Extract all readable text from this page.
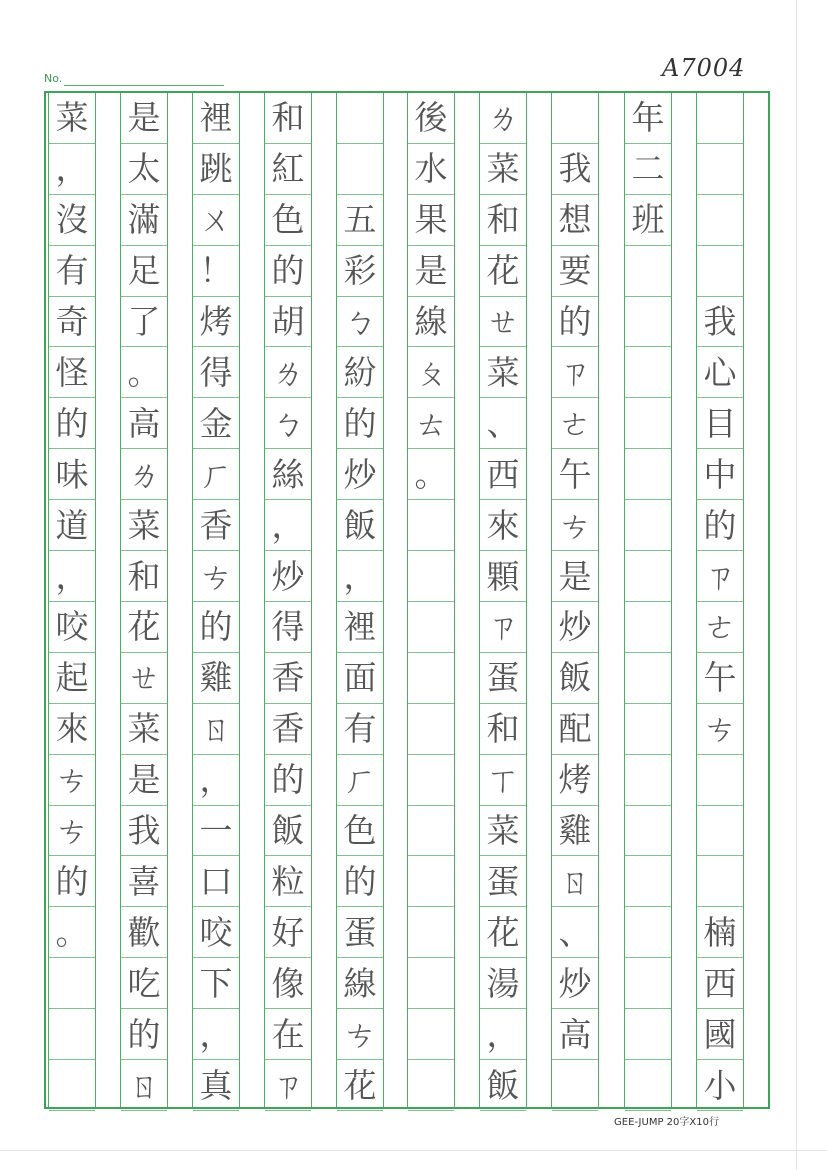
A7004
No.
我
心
目
中
的
ㄗ
ㄜ
午
ㄘ
楠
西
國
小
年
二
班
我
想
要
的
ㄗ
ㄜ
午
ㄘ
是
炒
飯
配
烤
雞
ㄖ
、
炒
高
ㄌ
菜
和
花
ㄝ
菜
、
西
來
顆
ㄗ
蛋
和
ㄒ
菜
蛋
花
湯
，
飯
後
水
果
是
線
ㄆ
ㄊ
。
五
彩
ㄅ
紛
的
炒
飯
，
裡
面
有
ㄏ
色
的
蛋
線
ㄘ
花
和
紅
色
的
胡
ㄌ
ㄅ
絲
，
炒
得
香
香
的
飯
粒
好
像
在
ㄗ
裡
跳
ㄨ
！
烤
得
金
ㄏ
香
ㄘ
的
雞
ㄖ
，
一
口
咬
下
，
真
是
太
滿
足
了
。
高
ㄌ
菜
和
花
ㄝ
菜
是
我
喜
歡
吃
的
ㄖ
菜
，
沒
有
奇
怪
的
味
道
，
咬
起
來
ㄘ
ㄘ
的
。
GEE-JUMP 20字X10行
